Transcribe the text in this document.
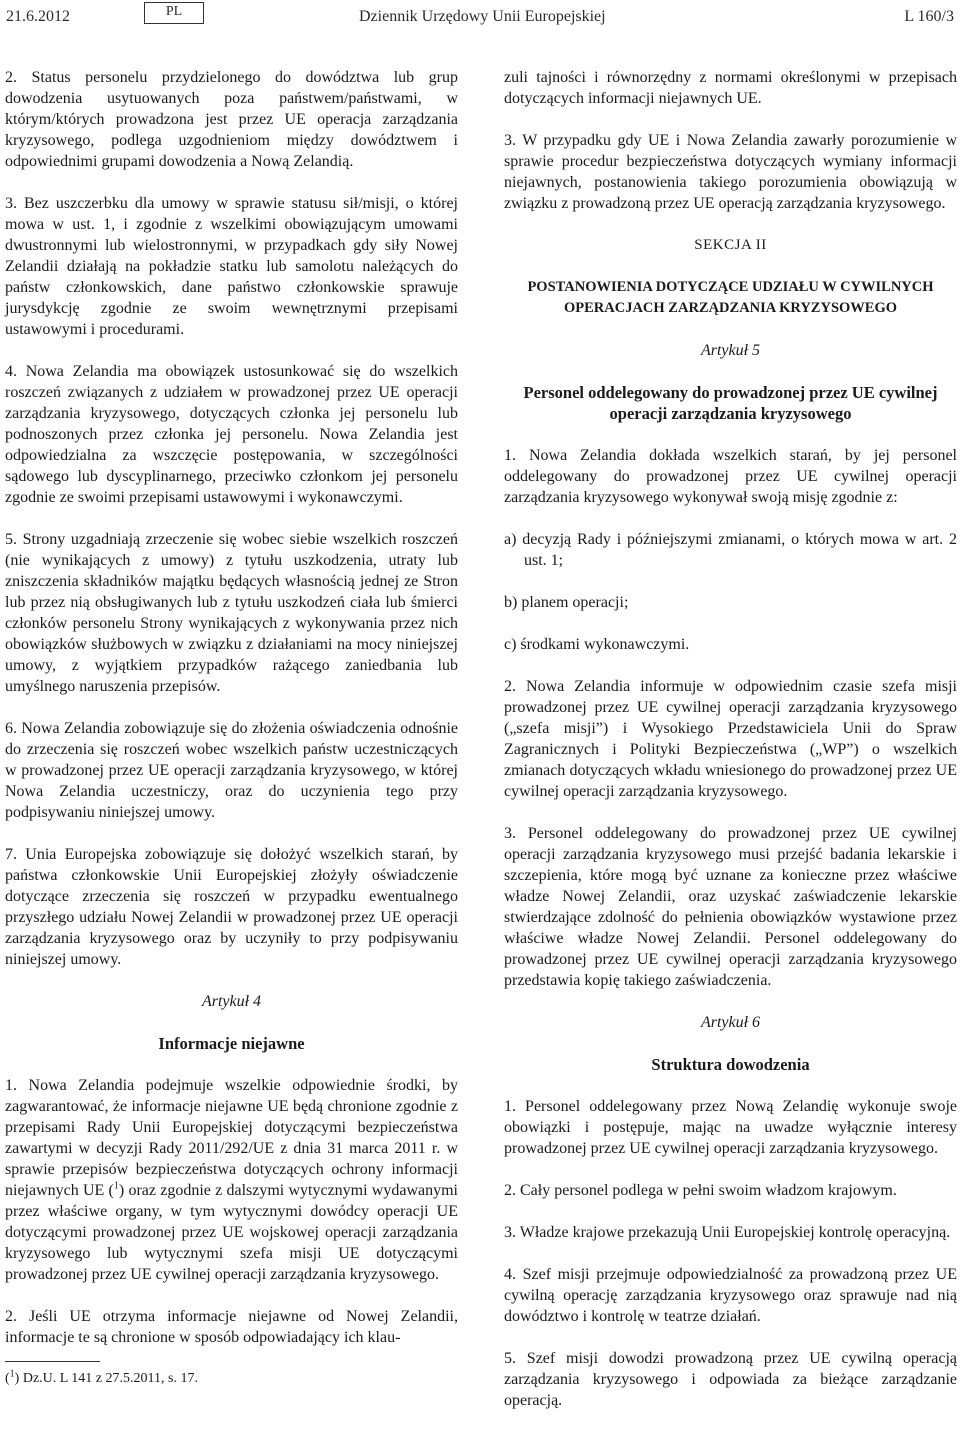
21.6.2012	PL	Dziennik Urzędowy Unii Europejskiej	L 160/3

2. Status personelu przydzielonego do dowództwa lub grup dowodzenia usytuowanych poza państwem/państwami, w którym/których prowadzona jest przez UE operacja zarządzania kryzysowego, podlega uzgodnieniom między dowództwem i odpowiednimi grupami dowodzenia a Nową Zelandią.

3. Bez uszczerbku dla umowy w sprawie statusu sił/misji, o której mowa w ust. 1, i zgodnie z wszelkimi obowiązującym umowami dwustronnymi lub wielostronnymi, w przypadkach gdy siły Nowej Zelandii działają na pokładzie statku lub samolotu należących do państw członkowskich, dane państwo członkowskie sprawuje jurysdykcję zgodnie ze swoim wewnętrznymi przepisami ustawowymi i procedurami.

4. Nowa Zelandia ma obowiązek ustosunkować się do wszelkich roszczeń związanych z udziałem w prowadzonej przez UE operacji zarządzania kryzysowego, dotyczących członka jej personelu lub podnoszonych przez członka jej personelu. Nowa Zelandia jest odpowiedzialna za wszczęcie postępowania, w szczególności sądowego lub dyscyplinarnego, przeciwko członkom jej personelu zgodnie ze swoimi przepisami ustawowymi i wykonawczymi.

5. Strony uzgadniają zrzeczenie się wobec siebie wszelkich roszczeń (nie wynikających z umowy) z tytułu uszkodzenia, utraty lub zniszczenia składników majątku będących własnością jednej ze Stron lub przez nią obsługiwanych lub z tytułu uszkodzeń ciała lub śmierci członków personelu Strony wynikających z wykonywania przez nich obowiązków służbowych w związku z działaniami na mocy niniejszej umowy, z wyjątkiem przypadków rażącego zaniedbania lub umyślnego naruszenia przepisów.

6. Nowa Zelandia zobowiązuje się do złożenia oświadczenia odnośnie do zrzeczenia się roszczeń wobec wszelkich państw uczestniczących w prowadzonej przez UE operacji zarządzania kryzysowego, w której Nowa Zelandia uczestniczy, oraz do uczynienia tego przy podpisywaniu niniejszej umowy.

7. Unia Europejska zobowiązuje się dołożyć wszelkich starań, by państwa członkowskie Unii Europejskiej złożyły oświadczenie dotyczące zrzeczenia się roszczeń w przypadku ewentualnego przyszłego udziału Nowej Zelandii w prowadzonej przez UE operacji zarządzania kryzysowego oraz by uczyniły to przy podpisywaniu niniejszej umowy.

Artykuł 4

Informacje niejawne

1. Nowa Zelandia podejmuje wszelkie odpowiednie środki, by zagwarantować, że informacje niejawne UE będą chronione zgodnie z przepisami Rady Unii Europejskiej dotyczącymi bezpieczeństwa zawartymi w decyzji Rady 2011/292/UE z dnia 31 marca 2011 r. w sprawie przepisów bezpieczeństwa dotyczących ochrony informacji niejawnych UE ($^1$) oraz zgodnie z dalszymi wytycznymi wydawanymi przez właściwe organy, w tym wytycznymi dowódcy operacji UE dotyczącymi prowadzonej przez UE wojskowej operacji zarządzania kryzysowego lub wytycznymi szefa misji UE dotyczącymi prowadzonej przez UE cywilnej operacji zarządzania kryzysowego.

2. Jeśli UE otrzyma informacje niejawne od Nowej Zelandii, informacje te są chronione w sposób odpowiadający ich klau-

zuli tajności i równorzędny z normami określonymi w przepisach dotyczących informacji niejawnych UE.

3. W przypadku gdy UE i Nowa Zelandia zawarły porozumienie w sprawie procedur bezpieczeństwa dotyczących wymiany informacji niejawnych, postanowienia takiego porozumienia obowiązują w związku z prowadzoną przez UE operacją zarządzania kryzysowego.

SEKCJA II

POSTANOWIENIA DOTYCZĄCE UDZIAŁU W CYWILNYCH OPERACJACH ZARZĄDZANIA KRYZYSOWEGO

Artykuł 5

Personel oddelegowany do prowadzonej przez UE cywilnej operacji zarządzania kryzysowego

1. Nowa Zelandia dokłada wszelkich starań, by jej personel oddelegowany do prowadzonej przez UE cywilnej operacji zarządzania kryzysowego wykonywał swoją misję zgodnie z:

a) decyzją Rady i późniejszymi zmianami, o których mowa w art. 2 ust. 1;

b) planem operacji;

c) środkami wykonawczymi.

2. Nowa Zelandia informuje w odpowiednim czasie szefa misji prowadzonej przez UE cywilnej operacji zarządzania kryzysowego („szefa misji”) i Wysokiego Przedstawiciela Unii do Spraw Zagranicznych i Polityki Bezpieczeństwa („WP”) o wszelkich zmianach dotyczących wkładu wniesionego do prowadzonej przez UE cywilnej operacji zarządzania kryzysowego.

3. Personel oddelegowany do prowadzonej przez UE cywilnej operacji zarządzania kryzysowego musi przejść badania lekarskie i szczepienia, które mogą być uznane za konieczne przez właściwe władze Nowej Zelandii, oraz uzyskać zaświadczenie lekarskie stwierdzające zdolność do pełnienia obowiązków wystawione przez właściwe władze Nowej Zelandii. Personel oddelegowany do prowadzonej przez UE cywilnej operacji zarządzania kryzysowego przedstawia kopię takiego zaświadczenia.

Artykuł 6

Struktura dowodzenia

1. Personel oddelegowany przez Nową Zelandię wykonuje swoje obowiązki i postępuje, mając na uwadze wyłącznie interesy prowadzonej przez UE cywilnej operacji zarządzania kryzysowego.

2. Cały personel podlega w pełni swoim władzom krajowym.

3. Władze krajowe przekazują Unii Europejskiej kontrolę operacyjną.

4. Szef misji przejmuje odpowiedzialność za prowadzoną przez UE cywilną operację zarządzania kryzysowego oraz sprawuje nad nią dowództwo i kontrolę w teatrze działań.

5. Szef misji dowodzi prowadzoną przez UE cywilną operacją zarządzania kryzysowego i odpowiada za bieżące zarządzanie operacją.

($^1$) Dz.U. L 141 z 27.5.2011, s. 17.
